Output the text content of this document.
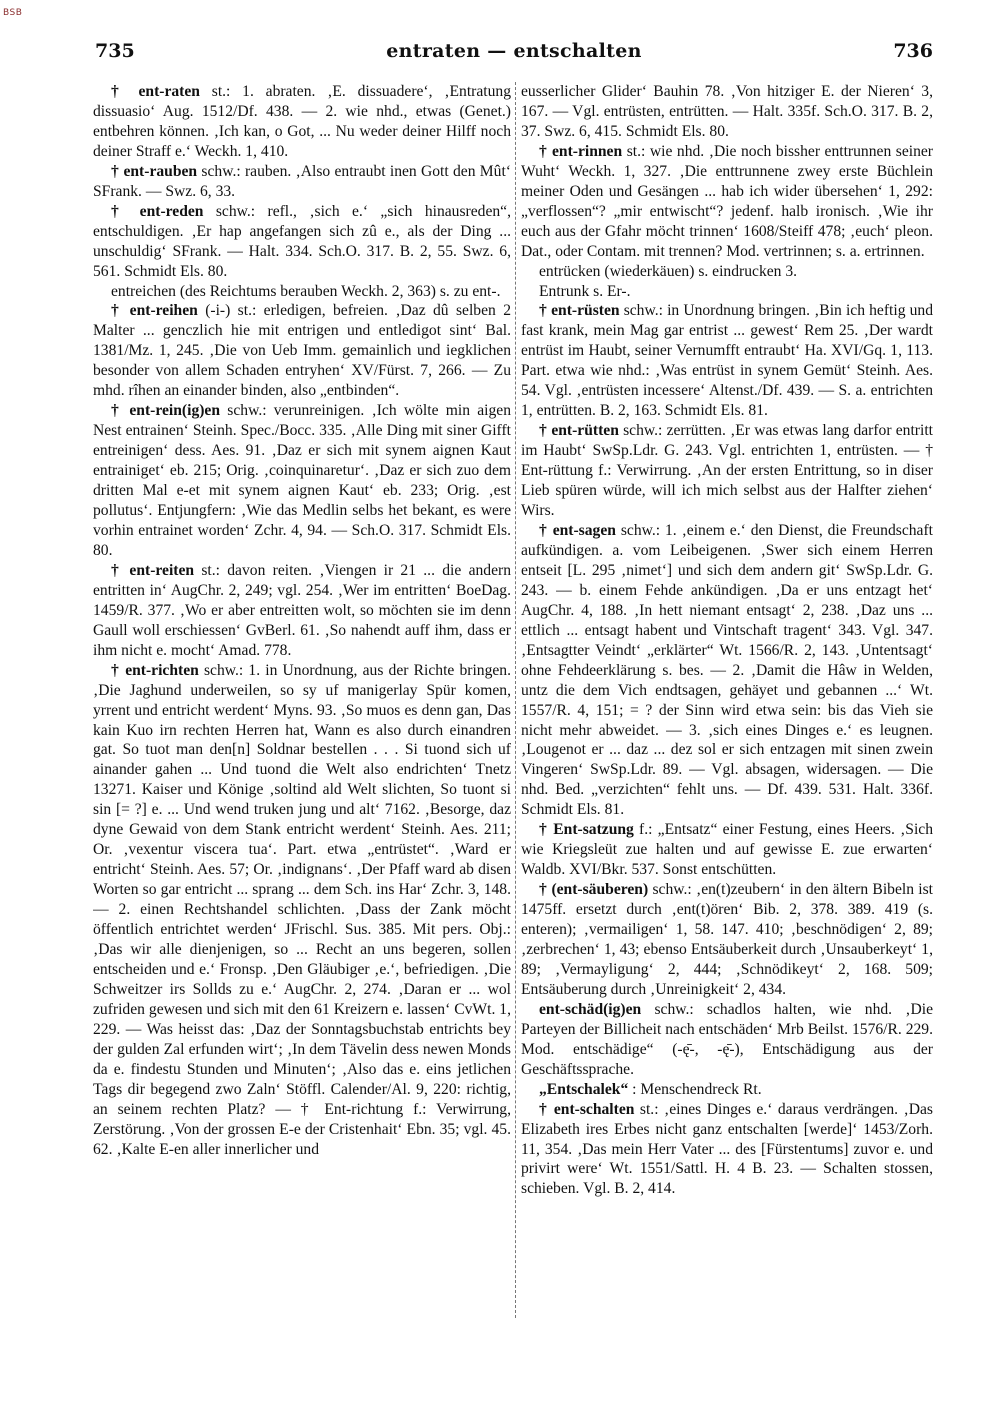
BSB
735	entraten — entschalten	736

† ent-raten st.: 1. abraten. ‚E. dissuadere‘, ‚Entratung dissuasio‘ Aug. 1512/Df. 438. — 2. wie nhd., etwas (Genet.) entbehren können. ‚Ich kan, o Got, ... Nu weder deiner Hilff noch deiner Straff e.‘ Weckh. 1, 410.

† ent-rauben schw.: rauben. ‚Also entraubt inen Gott den Mût‘ SFrank. — Swz. 6, 33.

† ent-reden schw.: refl., ‚sich e.‘ „sich hinausreden“, entschuldigen. ‚Er hap angefangen sich zû e., als der Ding ... unschuldig‘ SFrank. — Halt. 334. Sch.O. 317. B. 2, 55. Swz. 6, 561. Schmidt Els. 80.

entreichen (des Reichtums berauben Weckh. 2, 363) s. zu ent-.

† ent-reihen (-i-) st.: erledigen, befreien. ‚Daz dû selben 2 Malter ... genczlich hie mit entrigen und entledigot sint‘ Bal. 1381/Mz. 1, 245. ‚Die von Ueb Imm. gemainlich und iegklichen besonder von allem Schaden entryhen‘ XV/Fürst. 7, 266. — Zu mhd. rîhen an einander binden, also „entbinden“.

† ent-rein(ig)en schw.: verunreinigen. ‚Ich wölte min aigen Nest entrainen‘ Steinh. Spec./Bocc. 335. ‚Alle Ding mit siner Gifft entreinigen‘ dess. Aes. 91. ‚Daz er sich mit synem aignen Kaut entrainiget‘ eb. 215; Orig. ‚coinquinaretur‘. ‚Daz er sich zuo dem dritten Mal e-et mit synem aignen Kaut‘ eb. 233; Orig. ‚est pollutus‘. Entjungfern: ‚Wie das Medlin selbs het bekant, es were vorhin entrainet worden‘ Zchr. 4, 94. — Sch.O. 317. Schmidt Els. 80.

† ent-reiten st.: davon reiten. ‚Viengen ir 21 ... die andern entritten in‘ AugChr. 2, 249; vgl. 254. ‚Wer im entritten‘ BoeDag. 1459/R. 377. ‚Wo er aber entreitten wolt, so möchten sie im denn Gaull woll erschiessen‘ GvBerl. 61. ‚So nahendt auff ihm, dass er ihm nicht e. mocht‘ Amad. 778.

† ent-richten schw.: 1. in Unordnung, aus der Richte bringen. ‚Die Jaghund underweilen, so sy uf manigerlay Spür komen, yrrent und entricht werdent‘ Myns. 93. ‚So muos es denn gan, Das kain Kuo irn rechten Herren hat, Wann es also durch einandren gat. So tuot man den[n] Soldnar bestellen . . . Si tuond sich uf ainander gahen ... Und tuond die Welt also endrichten‘ Tnetz 13271. Kaiser und Könige ‚soltind ald Welt slichten, So tuont si sin [= ?] e. ... Und wend truken jung und alt‘ 7162. ‚Besorge, daz dyne Gewaid von dem Stank entricht werdent‘ Steinh. Aes. 211; Or. ‚vexentur viscera tua‘. Part. etwa „entrüstet“. ‚Ward er entricht‘ Steinh. Aes. 57; Or. ‚indignans‘. ‚Der Pfaff ward ab disen Worten so gar entricht ... sprang ... dem Sch. ins Har‘ Zchr. 3, 148. — 2. einen Rechtshandel schlichten. ‚Dass der Zank möcht öffentlich entrichtet werden‘ JFrischl. Sus. 385. Mit pers. Obj.: ‚Das wir alle dienjenigen, so ... Recht an uns begeren, sollen entscheiden und e.‘ Fronsp. ‚Den Gläubiger ‚e.‘, befriedigen. ‚Die Schweitzer irs Sollds zu e.‘ AugChr. 2, 274. ‚Daran er ... wol zufriden gewesen und sich mit den 61 Kreizern e. lassen‘ CvWt. 1, 229. — Was heisst das: ‚Daz der Sonntagsbuchstab entrichts bey der gulden Zal erfunden wirt‘; ‚In dem Tävelin dess newen Monds da e. findestu Stunden und Minuten‘; ‚Also das e. eins jetlichen Tags dir begegend zwo Zaln‘ Stöffl. Calender/Al. 9, 220: richtig, an seinem rechten Platz? — † Ent-richtung f.: Verwirrung, Zerstörung. ‚Von der grossen E-e der Cristenhait‘ Ebn. 35; vgl. 45. 62. ‚Kalte E-en aller innerlicher und

eusserlicher Glider‘ Bauhin 78. ‚Von hitziger E. der Nieren‘ 3, 167. — Vgl. entrüsten, entrütten. — Halt. 335f. Sch.O. 317. B. 2, 37. Swz. 6, 415. Schmidt Els. 80.

† ent-rinnen st.: wie nhd. ‚Die noch bissher enttrunnen seiner Wuht‘ Weckh. 1, 327. ‚Die enttrunnene zwey erste Büchlein meiner Oden und Gesängen ... hab ich wider übersehen‘ 1, 292: „verflossen“? „mir entwischt“? jedenf. halb ironisch. ‚Wie ihr euch aus der Gfahr möcht trinnen‘ 1608/Steiff 478; ‚euch‘ pleon. Dat., oder Contam. mit trennen? Mod. vertrinnen; s. a. ertrinnen.

entrücken (wiederkäuen) s. eindrucken 3.

Entrunk s. Er-.

† ent-rüsten schw.: in Unordnung bringen. ‚Bin ich heftig und fast krank, mein Mag gar entrist ... gewest‘ Rem 25. ‚Der wardt entrüst im Haubt, seiner Vernumfft entraubt‘ Ha. XVI/Gq. 1, 113. Part. etwa wie nhd.: ‚Was entrüst in synem Gemüt‘ Steinh. Aes. 54. Vgl. ‚entrüsten incessere‘ Altenst./Df. 439. — S. a. entrichten 1, entrütten. B. 2, 163. Schmidt Els. 81.

† ent-rütten schw.: zerrütten. ‚Er was etwas lang darfor entritt im Haubt‘ SwSp.Ldr. G. 243. Vgl. entrichten 1, entrüsten. — † Ent-rüttung f.: Verwirrung. ‚An der ersten Entrittung, so in diser Lieb spüren würde, will ich mich selbst aus der Halfter ziehen‘ Wirs.

† ent-sagen schw.: 1. ‚einem e.‘ den Dienst, die Freundschaft aufkündigen. a. vom Leibeigenen. ‚Swer sich einem Herren entseit [L. 295 ‚nimet‘] und sich dem andern git‘ SwSp.Ldr. G. 243. — b. einem Fehde ankündigen. ‚Da er uns entzagt het‘ AugChr. 4, 188. ‚In hett niemant entsagt‘ 2, 238. ‚Daz uns ... ettlich ... entsagt habent und Vintschaft tragent‘ 343. Vgl. 347. ‚Entsagtter Veindt‘ „erklärter“ Wt. 1566/R. 2, 143. ‚Untentsagt‘ ohne Fehdeerklärung s. bes. — 2. ‚Damit die Hâw in Welden, untz die dem Vich endtsagen, gehäyet und gebannen ...‘ Wt. 1557/R. 4, 151; = ? der Sinn wird etwa sein: bis das Vieh sie nicht mehr abweidet. — 3. ‚sich eines Dinges e.‘ es leugnen. ‚Lougenot er ... daz ... dez sol er sich entzagen mit sinen zwein Vingeren‘ SwSp.Ldr. 89. — Vgl. absagen, widersagen. — Die nhd. Bed. „verzichten“ fehlt uns. — Df. 439. 531. Halt. 336f. Schmidt Els. 81.

† Ent-satzung f.: „Entsatz“ einer Festung, eines Heers. ‚Sich wie Kriegsleüt zue halten und auf gewisse E. zue erwarten‘ Waldb. XVI/Bkr. 537. Sonst entschütten.

† (ent-säuberen) schw.: ‚en(t)zeubern‘ in den ältern Bibeln ist 1475ff. ersetzt durch ‚ent(t)ören‘ Bib. 2, 378. 389. 419 (s. enteren); ‚vermailigen‘ 1, 58. 147. 410; ‚beschnödigen‘ 2, 89; ‚zerbrechen‘ 1, 43; ebenso Entsäuberkeit durch ‚Unsauberkeyt‘ 1, 89; ‚Vermayligung‘ 2, 444; ‚Schnödikeyt‘ 2, 168. 509; Entsäuberung durch ‚Unreinigkeit‘ 2, 434.

ent-schäd(ig)en schw.: schadlos halten, wie nhd. ‚Die Parteyen der Billicheit nach entschäden‘ Mrb Beilst. 1576/R. 229. Mod. entschädige“ (-ę̄-, -ę̄-), Entschädigung aus der Geschäftssprache.

„Entschalek“ : Menschendreck Rt.

† ent-schalten st.: ‚eines Dinges e.‘ daraus verdrängen. ‚Das Elizabeth ires Erbes nicht ganz entschalten [werde]‘ 1453/Zorh. 11, 354. ‚Das mein Herr Vater ... des [Fürstentums] zuvor e. und privirt were‘ Wt. 1551/Sattl. H. 4 B. 23. — Schalten stossen, schieben. Vgl. B. 2, 414.
